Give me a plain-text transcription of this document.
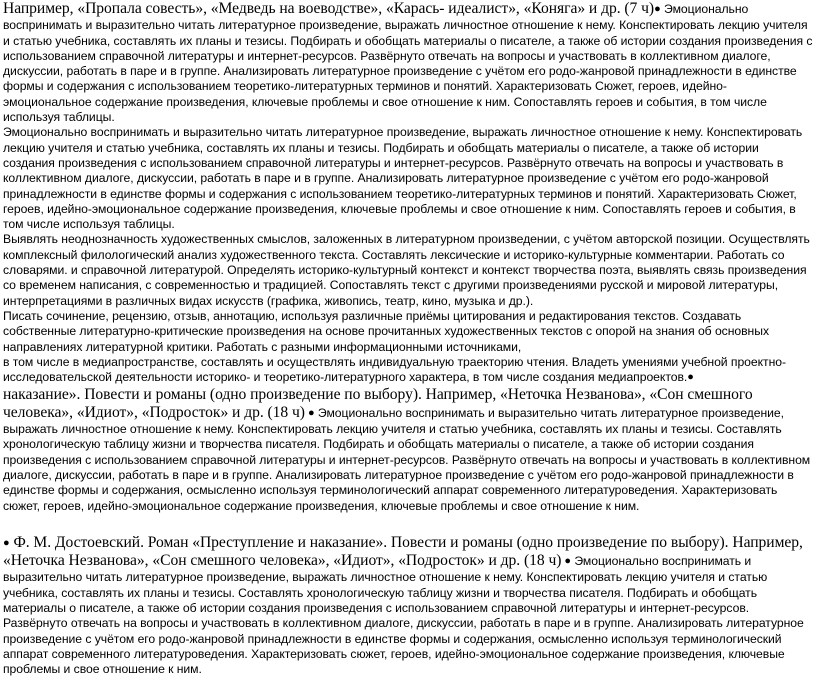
Например, «Пропала совесть», «Медведь на воеводстве», «Карась- идеалист», «Коняга» и др. (7 ч)● Эмоционально воспринимать и выразительно читать литературное произведение, выражать личностное отношение к нему. Конспектировать лекцию учителя и статью учебника, составлять их планы и тезисы. Подбирать и обобщать материалы о писателе, а также об истории создания произведения с использованием справочной литературы и интернет-ресурсов. Развёрнуто отвечать на вопросы и участвовать в коллективном диалоге, дискуссии, работать в паре и в группе. Анализировать литературное произведение с учётом его родо-жанровой принадлежности в единстве формы и содержания с использованием теоретико-литературных терминов и понятий. Характеризовать Сюжет, героев, идейно-эмоциональное содержание произведения, ключевые проблемы и свое отношение к ним. Сопоставлять героев и события, в том числе используя таблицы.

Эмоционально воспринимать и выразительно читать литературное произведение, выражать личностное отношение к нему. Конспектировать лекцию учителя и статью учебника, составлять их планы и тезисы. Подбирать и обобщать материалы о писателе, а также об истории создания произведения с использованием справочной литературы и интернет-ресурсов. Развёрнуто отвечать на вопросы и участвовать в коллективном диалоге, дискуссии, работать в паре и в группе. Анализировать литературное произведение с учётом его родо-жанровой принадлежности в единстве формы и содержания с использованием теоретико-литературных терминов и понятий. Характеризовать Сюжет, героев, идейно-эмоциональное содержание произведения, ключевые проблемы и свое отношение к ним. Сопоставлять героев и события, в том числе используя таблицы.

Выявлять неоднозначность художественных смыслов, заложенных в литературном произведении, с учётом авторской позиции. Осуществлять комплексный филологический анализ художественного текста. Составлять лексические и историко-культурные комментарии. Работать со словарями. и справочной литературой. Определять историко-культурный контекст и контекст творчества поэта, выявлять связь произведения со временем написания, с современностью и традицией. Сопоставлять текст с другими произведениями русской и мировой литературы, интерпретациями в различных видах искусств (графика, живопись, театр, кино, музыка и др.).

Писать сочинение, рецензию, отзыв, аннотацию, используя различные приёмы цитирования и редактирования текстов. Создавать собственные литературно-критические произведения на основе прочитанных художественных текстов с опорой на знания об основных направлениях литературной критики. Работать с разными информационными источниками,

в том числе в медиапространстве, составлять и осуществлять индивидуальную траекторию чтения. Владеть умениями учебной проектно- исследовательской деятельности историко- и теоретико-литературного характера, в том числе создания медиапроектов.●

наказание». Повести и романы (одно произведение по выбору). Например, «Неточка Незванова», «Сон смешного человека», «Идиот», «Подросток» и др. (18 ч) ● Эмоционально воспринимать и выразительно читать литературное произведение, выражать личностное отношение к нему. Конспектировать лекцию учителя и статью учебника, составлять их планы и тезисы. Составлять хронологическую таблицу жизни и творчества писателя. Подбирать и обобщать материалы о писателе, а также об истории создания произведения с использованием справочной литературы и интернет-ресурсов. Развёрнуто отвечать на вопросы и участвовать в коллективном диалоге, дискуссии, работать в паре и в группе. Анализировать литературное произведение с учётом его родо-жанровой принадлежности в единстве формы и содержания, осмысленно используя терминологический аппарат современного литературоведения. Характеризовать сюжет, героев, идейно-эмоциональное содержание произведения, ключевые проблемы и свое отношение к ним.

● Ф. М. Достоевский. Роман «Преступление и наказание». Повести и романы (одно произведение по выбору). Например, «Неточка Незванова», «Сон смешного человека», «Идиот», «Подросток» и др. (18 ч) ● Эмоционально воспринимать и выразительно читать литературное произведение, выражать личностное отношение к нему. Конспектировать лекцию учителя и статью учебника, составлять их планы и тезисы. Составлять хронологическую таблицу жизни и творчества писателя. Подбирать и обобщать материалы о писателе, а также об истории создания произведения с использованием справочной литературы и интернет-ресурсов. Развёрнуто отвечать на вопросы и участвовать в коллективном диалоге, дискуссии, работать в паре и в группе. Анализировать литературное произведение с учётом его родо-жанровой принадлежности в единстве формы и содержания, осмысленно используя терминологический аппарат современного литературоведения. Характеризовать сюжет, героев, идейно-эмоциональное содержание произведения, ключевые проблемы и свое отношение к ним.
